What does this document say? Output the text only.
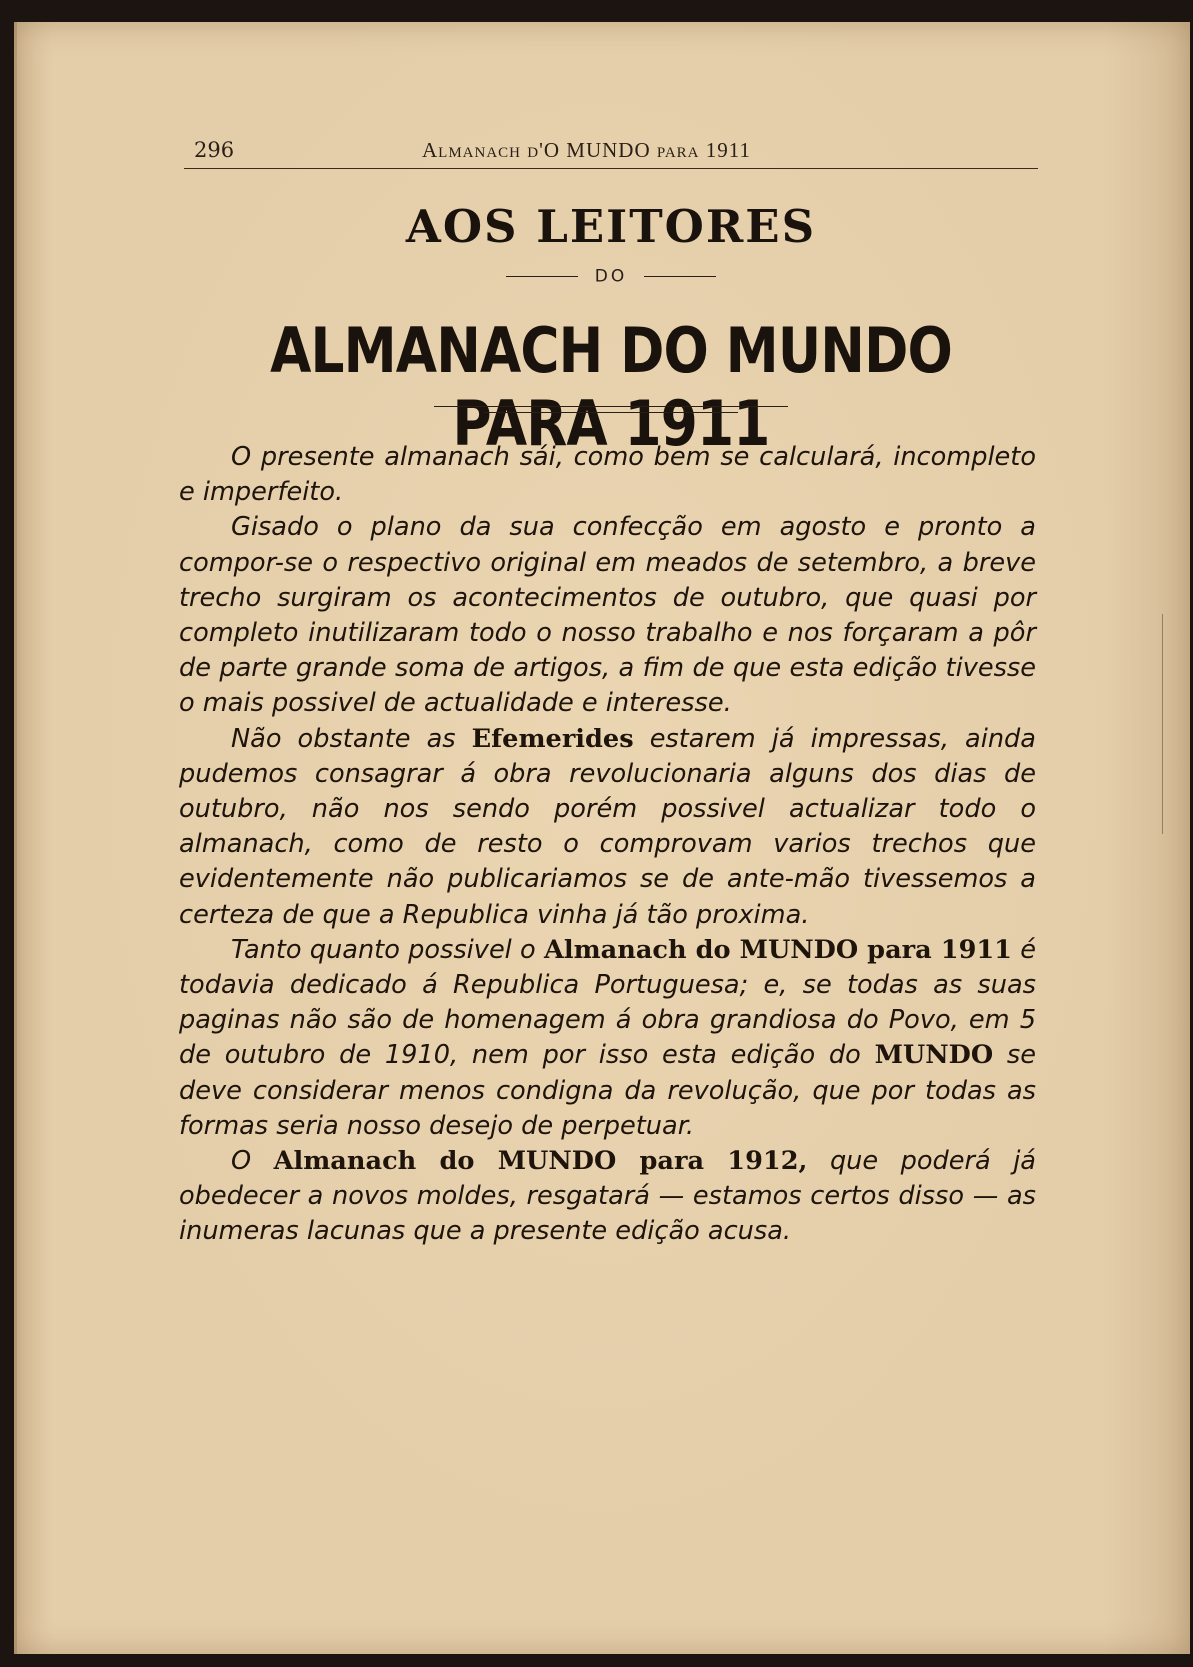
296	Almanach d'O MUNDO para 1911
AOS LEITORES
DO
ALMANACH DO MUNDO PARA 1911

O presente almanach sái, como bem se calculará, incompleto e imperfeito.

Gisado o plano da sua confecção em agosto e pronto a compor-se o respectivo original em meados de setembro, a breve trecho surgiram os acontecimentos de outubro, que quasi por completo inutilizaram todo o nosso trabalho e nos forçaram a pôr de parte grande soma de artigos, a fim de que esta edição tivesse o mais possivel de actualidade e interesse.

Não obstante as Efemerides estarem já impressas, ainda pudemos consagrar á obra revolucionaria alguns dos dias de outubro, não nos sendo porém possivel actualizar todo o almanach, como de resto o comprovam varios trechos que evidentemente não publicariamos se de ante-mão tivessemos a certeza de que a Republica vinha já tão proxima.

Tanto quanto possivel o Almanach do MUNDO para 1911 é todavia dedicado á Republica Portuguesa; e, se todas as suas paginas não são de homenagem á obra grandiosa do Povo, em 5 de outubro de 1910, nem por isso esta edição do MUNDO se deve considerar menos condigna da revolução, que por todas as formas seria nosso desejo de perpetuar.

O Almanach do MUNDO para 1912, que poderá já obedecer a novos moldes, resgatará — estamos certos disso — as inumeras lacunas que a presente edição acusa.
